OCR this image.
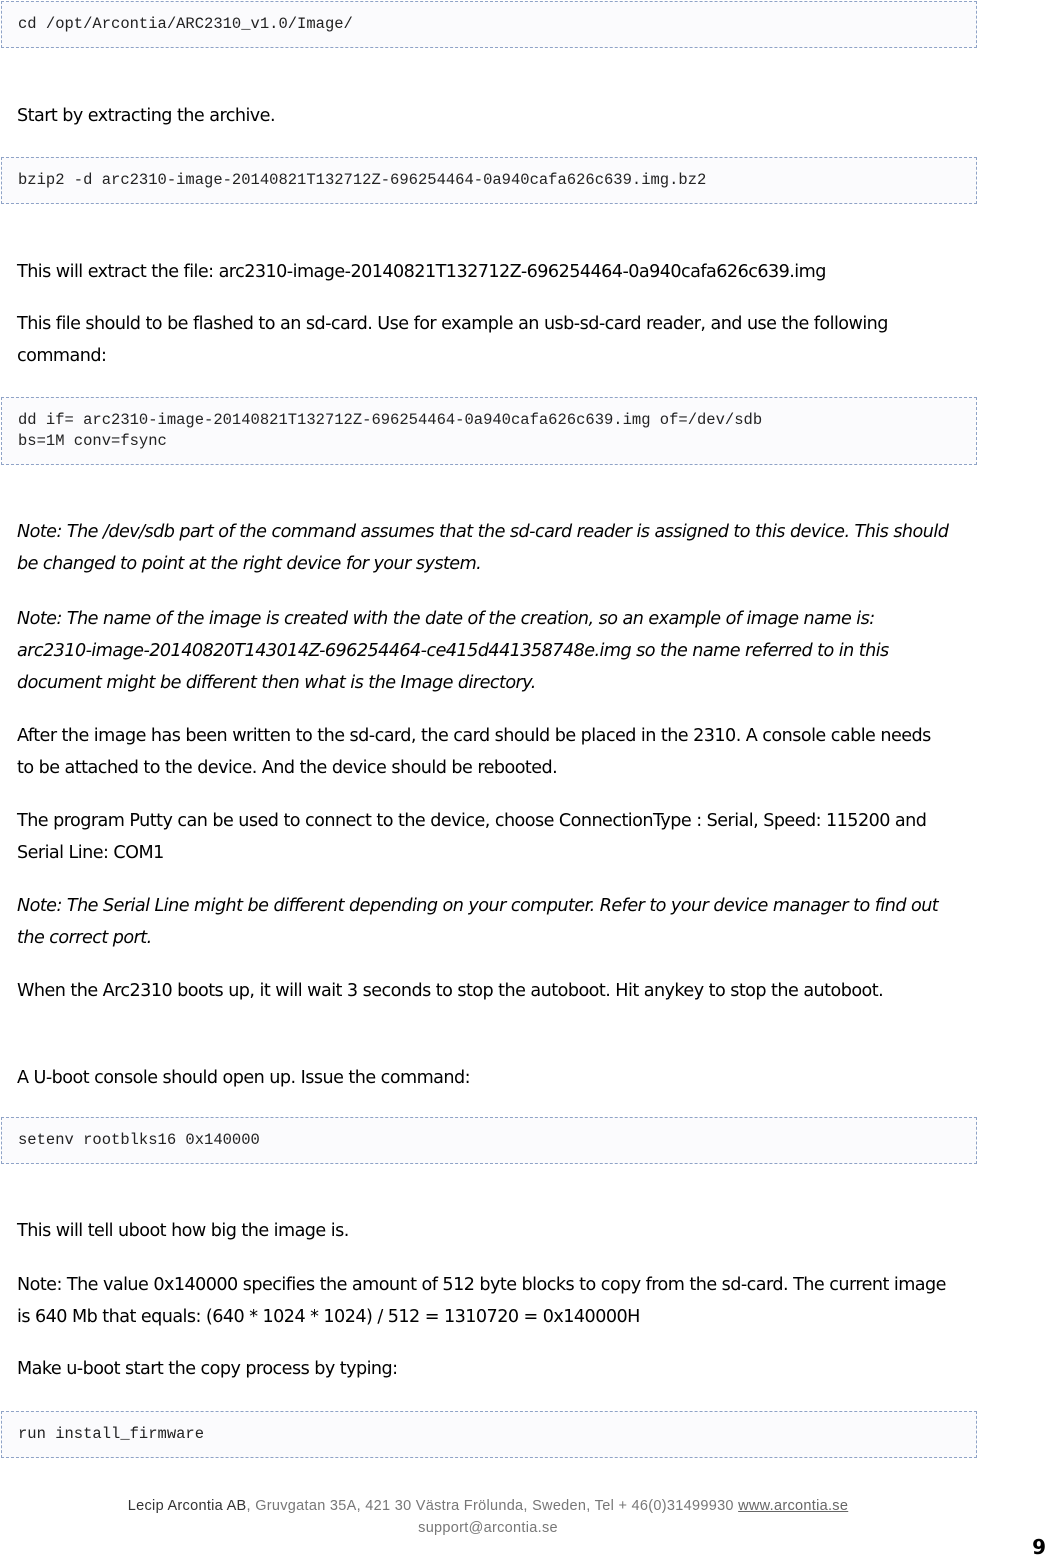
cd /opt/Arcontia/ARC2310_v1.0/Image/
Start by extracting the archive.
bzip2 -d arc2310-image-20140821T132712Z-696254464-0a940cafa626c639.img.bz2
This will extract the file: arc2310-image-20140821T132712Z-696254464-0a940cafa626c639.img
This file should to be flashed to an sd-card. Use for example an usb-sd-card reader, and use the following command:
dd if= arc2310-image-20140821T132712Z-696254464-0a940cafa626c639.img of=/dev/sdb
bs=1M conv=fsync
Note: The /dev/sdb part of the command assumes that the sd-card reader is assigned to this device. This should be changed to point at the right device for your system.
Note: The name of the image is created with the date of the creation, so an example of image name is: arc2310-image-20140820T143014Z-696254464-ce415d441358748e.img so the name referred to in this document might be different then what is the Image directory.
After the image has been written to the sd-card, the card should be placed in the 2310. A console cable needs to be attached to the device. And the device should be rebooted.
The program Putty can be used to connect to the device, choose ConnectionType : Serial, Speed: 115200 and Serial Line: COM1
Note: The Serial Line might be different depending on your computer. Refer to your device manager to find out the correct port.
When the Arc2310 boots up, it will wait 3 seconds to stop the autoboot. Hit anykey to stop the autoboot.
A U-boot console should open up. Issue the command:
setenv rootblks16 0x140000
This will tell uboot how big the image is.
Note: The value 0x140000 specifies the amount of 512 byte blocks to copy from the sd-card. The current image is 640 Mb that equals: (640 * 1024 * 1024) / 512 = 1310720 = 0x140000H
Make u-boot start the copy process by typing:
run install_firmware
Lecip Arcontia AB, Gruvgatan 35A, 421 30 Västra Frölunda, Sweden, Tel + 46(0)31499930 www.arcontia.se
support@arcontia.se
9
